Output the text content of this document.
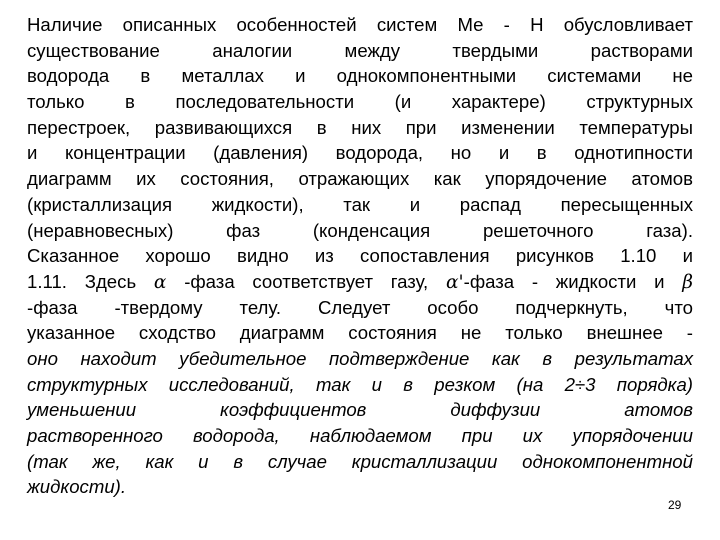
Наличие описанных особенностей систем Ме - Н обусловливает
существование аналогии между твердыми растворами
водорода в металлах и однокомпонентными системами не
только в последовательности (и характере) структурных
перестроек, развивающихся в них при изменении температуры
и концентрации (давления) водорода, но и в однотипности
диаграмм их состояния, отражающих как упорядочение атомов
(кристаллизация жидкости), так и распад пересыщенных
(неравновесных) фаз (конденсация решеточного газа).
Сказанное хорошо видно из сопоставления рисунков 1.10 и
1.11. Здесь α -фаза соответствует газу, α'-фаза - жидкости и β
-фаза -твердому телу. Следует особо подчеркнуть, что
указанное сходство диаграмм состояния не только внешнее -
оно находит убедительное подтверждение как в результатах
структурных исследований, так и в резком (на 2÷3 порядка)
уменьшении коэффициентов диффузии атомов
растворенного водорода, наблюдаемом при их упорядочении
(так же, как и в случае кристаллизации однокомпонентной
жидкости).
29
